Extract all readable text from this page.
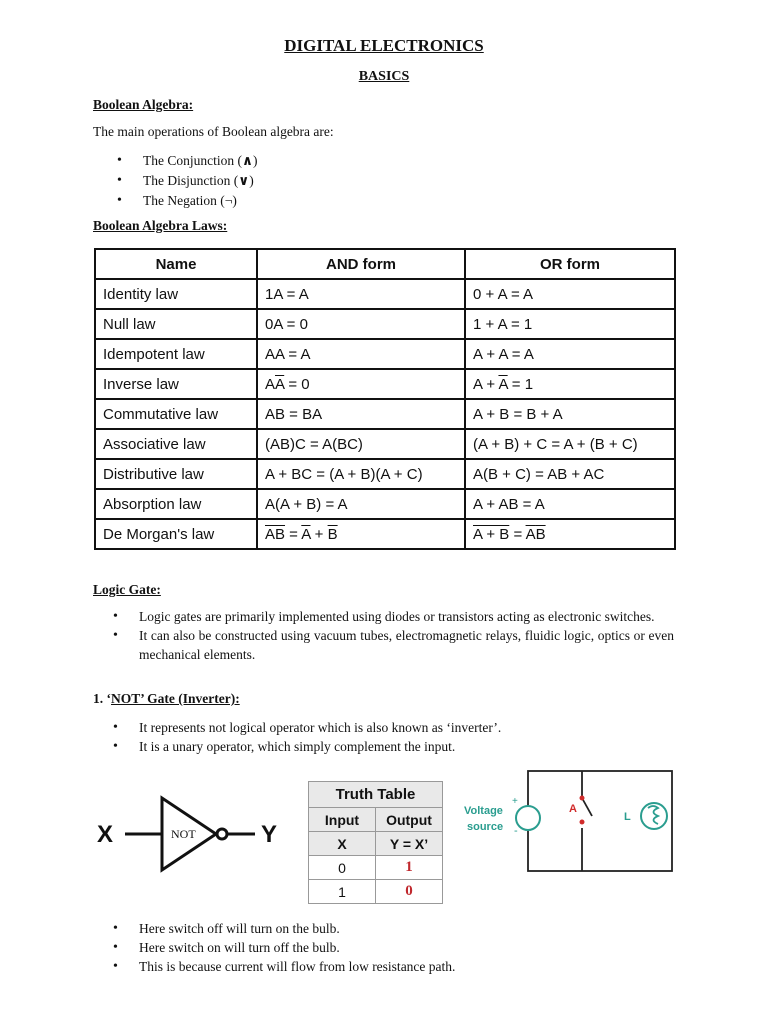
DIGITAL ELECTRONICS
BASICS
Boolean Algebra:
The main operations of Boolean algebra are:
• The Conjunction (∧)
• The Disjunction (∨)
• The Negation (¬)
Boolean Algebra Laws:
Name	AND form	OR form
Identity law	1A = A	0 + A = A
Null law	0A = 0	1 + A = 1
Idempotent law	AA = A	A + A = A
Inverse law	$A\overline{A} = 0$	$A + \overline{A} = 1$
Commutative law	AB = BA	A + B = B + A
Associative law	(AB)C = A(BC)	(A + B) + C = A + (B + C)
Distributive law	A + BC = (A + B)(A + C)	A(B + C) = AB + AC
Absorption law	A(A + B) = A	A + AB = A
De Morgan's law	$\overline{AB} = \overline{A} + \overline{B}$	$A + B = \overline{A}\overline{B}$
Logic Gate:
• Logic gates are primarily implemented using diodes or transistors acting as electronic switches.
• It can also be constructed using vacuum tubes, electromagnetic relays, fluidic logic, optics or even mechanical elements.
1. ‘NOT’ Gate (Inverter):
• It represents not logical operator which is also known as ‘inverter’.
• It is a unary operator, which simply complement the input.
X	NOT	Y
Truth Table	
Input	Output
X	Y = X’
0	1
1	0
A
+
-
Voltage
source
L
• Here switch off will turn on the bulb.
• Here switch on will turn off the bulb.
• This is because current will flow from low resistance path.
